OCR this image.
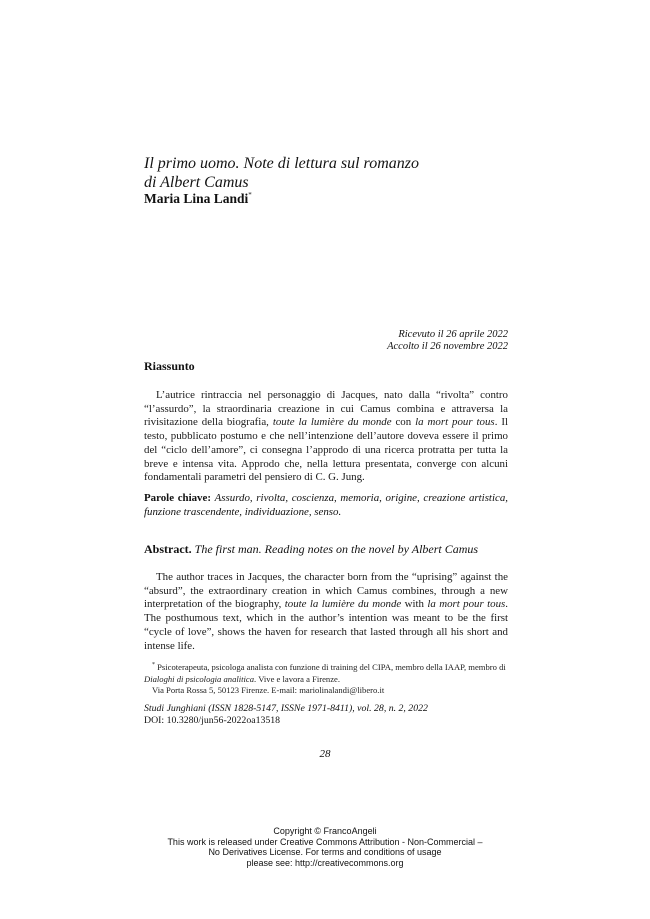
Il primo uomo. Note di lettura sul romanzo
di Albert Camus
Maria Lina Landi*
Ricevuto il 26 aprile 2022
Accolto il 26 novembre 2022
Riassunto

L’autrice rintraccia nel personaggio di Jacques, nato dalla “rivolta” contro “l’assurdo”, la straordinaria creazione in cui Camus combina e attraversa la rivisitazione della biografia, toute la lumière du monde con la mort pour tous. Il testo, pubblicato postumo e che nell’intenzione dell’autore doveva essere il primo del “ciclo dell’amore”, ci consegna l’approdo di una ricerca protratta per tutta la breve e intensa vita. Approdo che, nella lettura presentata, converge con alcuni fondamentali parametri del pensiero di C. G. Jung.

Parole chiave: Assurdo, rivolta, coscienza, memoria, origine, creazione artistica, funzione trascendente, individuazione, senso.
Abstract. The first man. Reading notes on the novel by Albert Camus

The author traces in Jacques, the character born from the “uprising” against the “absurd”, the extraordinary creation in which Camus combines, through a new interpretation of the biography, toute la lumière du monde with la mort pour tous. The posthumous text, which in the author’s intention was meant to be the first “cycle of love”, shows the haven for research that lasted through all his short and intense life.

* Psicoterapeuta, psicologa analista con funzione di training del CIPA, membro della IAAP, membro di Dialoghi di psicologia analitica. Vive e lavora a Firenze.
Via Porta Rossa 5, 50123 Firenze. E-mail: mariolinalandi@libero.it
Studi Junghiani (ISSN 1828-5147, ISSNe 1971-8411), vol. 28, n. 2, 2022
DOI: 10.3280/jun56-2022oa13518
28
Copyright © FrancoAngeli
This work is released under Creative Commons Attribution - Non-Commercial –
No Derivatives License. For terms and conditions of usage
please see: http://creativecommons.org
